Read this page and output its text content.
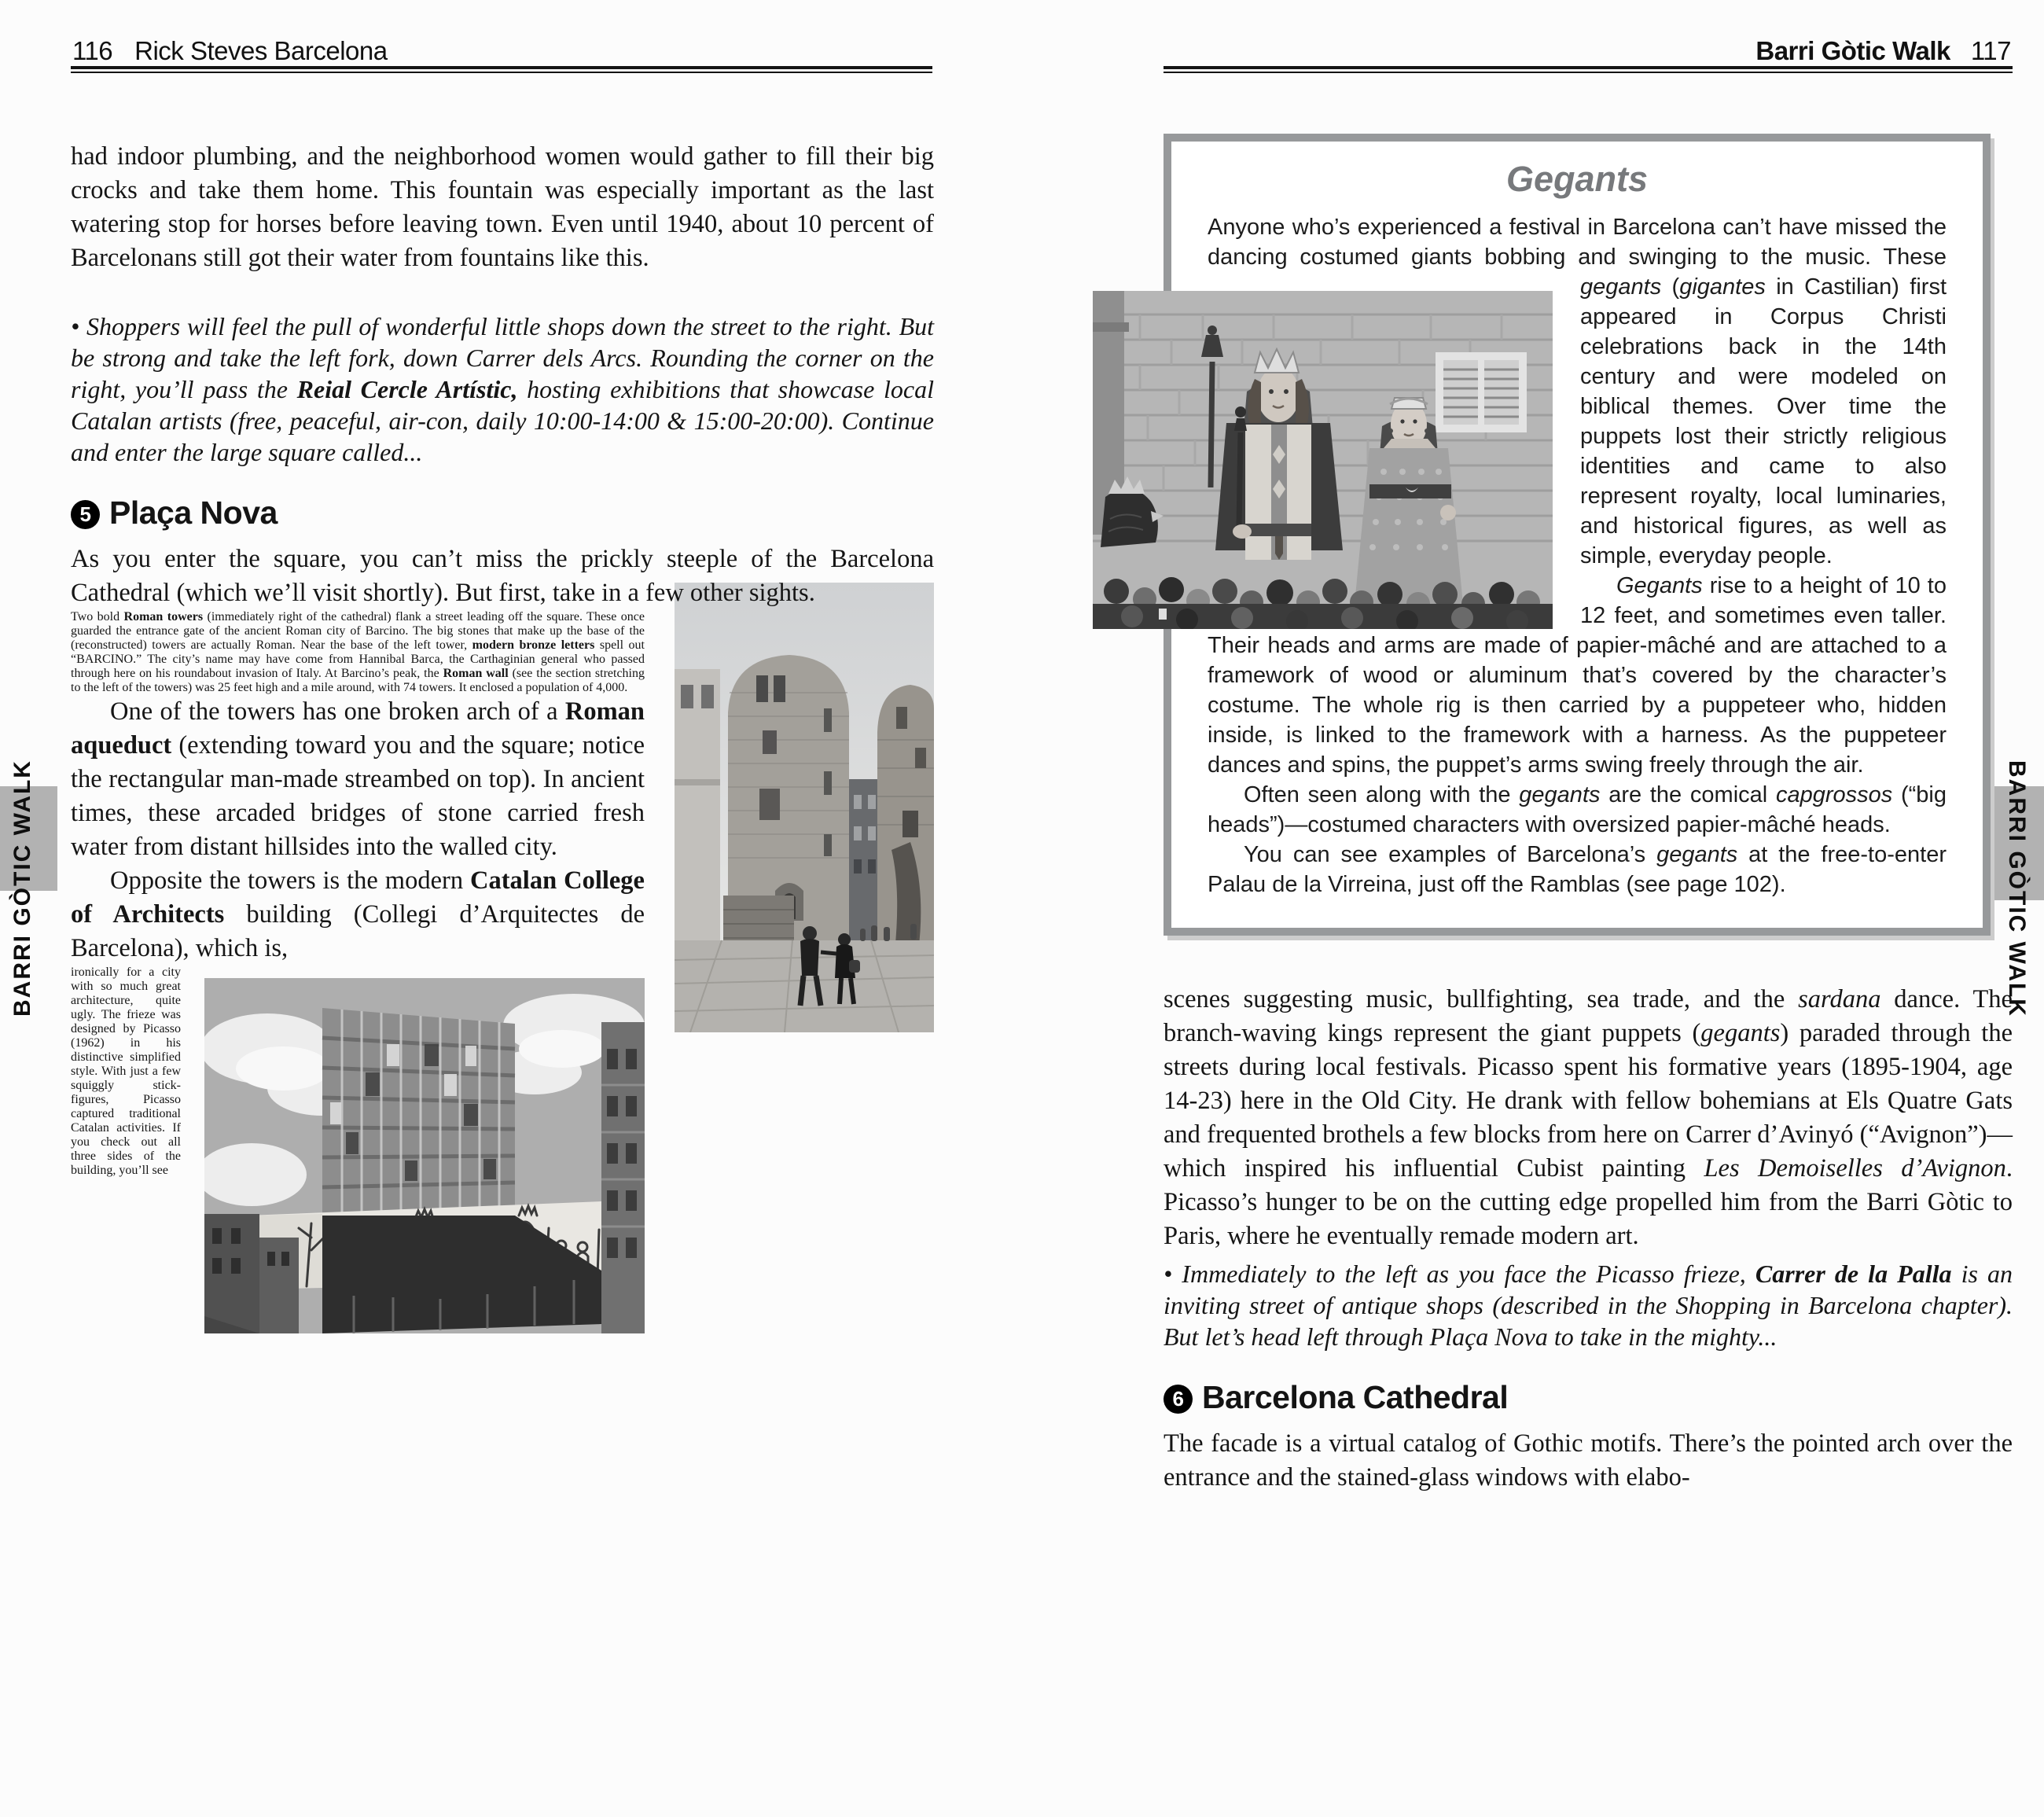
116 Rick Steves Barcelona	Barri Gòtic Walk 117
BARRI GÒTIC WALK	BARRI GÒTIC WALK

had indoor plumbing, and the neighborhood women would gather to fill their big crocks and take them home. This fountain was especially important as the last watering stop for horses before leaving town. Even until 1940, about 10 percent of Barcelonans still got their water from fountains like this.

• Shoppers will feel the pull of wonderful little shops down the street to the right. But be strong and take the left fork, down Carrer dels Arcs. Rounding the corner on the right, you’ll pass the Reial Cercle Artístic, hosting exhibitions that showcase local Catalan artists (free, peaceful, air-con, daily 10:00-14:00 & 15:00-20:00). Continue and enter the large square called...

5 Plaça Nova

As you enter the square, you can’t miss the prickly steeple of the Barcelona Cathedral (which we’ll visit shortly). But first, take in a few other sights.

Two bold Roman towers (immediately right of the cathedral) flank a street leading off the square. These once guarded the entrance gate of the ancient Roman city of Barcino. The big stones that make up the base of the (reconstructed) towers are actually Roman. Near the base of the left tower, modern bronze letters spell out “BARCINO.” The city’s name may have come from Hannibal Barca, the Carthaginian general who passed through here on his roundabout invasion of Italy. At Barcino’s peak, the Roman wall (see the section stretching to the left of the towers) was 25 feet high and a mile around, with 74 towers. It enclosed a population of 4,000.

One of the towers has one broken arch of a Roman aqueduct (extending toward you and the square; notice the rectangular man-made streambed on top). In ancient times, these arcaded bridges of stone carried fresh water from distant hillsides into the walled city.

Opposite the towers is the modern Catalan College of Architects building (Collegi d’Arquitectes de Barcelona), which is,

ironically for a city with so much great architecture, quite ugly. The frieze was designed by Picasso (1962) in his distinctive simplified style. With just a few squiggly stick-figures, Picasso captured traditional Catalan activities. If you check out all three sides of the building, you’ll see

Gegants

Anyone who’s experienced a festival in Barcelona can’t have missed the dancing costumed giants bobbing and swinging to
the music. These gegants (gigantes in Castilian) first appeared in Corpus Christi celebrations back in the 14th century and were modeled on biblical themes. Over time the puppets lost their strictly religious identities and came to also represent royalty, local luminaries, and historical figures, as well as simple, everyday people.

Gegants rise to a height of 10 to 12 feet, and sometimes even taller. Their heads and arms are made of papier-mâché and are attached to a framework of wood or aluminum that’s covered by the character’s costume. The whole rig is then carried by a puppeteer who, hidden inside, is linked to the framework with a harness. As the puppeteer dances and spins, the puppet’s arms swing freely through the air.

Often seen along with the gegants are the comical capgrossos (“big heads”)—costumed characters with oversized papier-mâché heads.

You can see examples of Barcelona’s gegants at the free-to-enter Palau de la Virreina, just off the Ramblas (see page 102).

scenes suggesting music, bullfighting, sea trade, and the sardana dance. The branch-waving kings represent the giant puppets (gegants) paraded through the streets during local festivals. Picasso spent his formative years (1895-1904, age 14-23) here in the Old City. He drank with fellow bohemians at Els Quatre Gats and frequented brothels a few blocks from here on Carrer d’Avinyó (“Avignon”)—which inspired his influential Cubist painting Les Demoiselles d’Avignon. Picasso’s hunger to be on the cutting edge propelled him from the Barri Gòtic to Paris, where he eventually remade modern art.

• Immediately to the left as you face the Picasso frieze, Carrer de la Palla is an inviting street of antique shops (described in the Shopping in Barcelona chapter). But let’s head left through Plaça Nova to take in the mighty...

6 Barcelona Cathedral

The facade is a virtual catalog of Gothic motifs. There’s the pointed arch over the entrance and the stained-glass windows with elabo-
